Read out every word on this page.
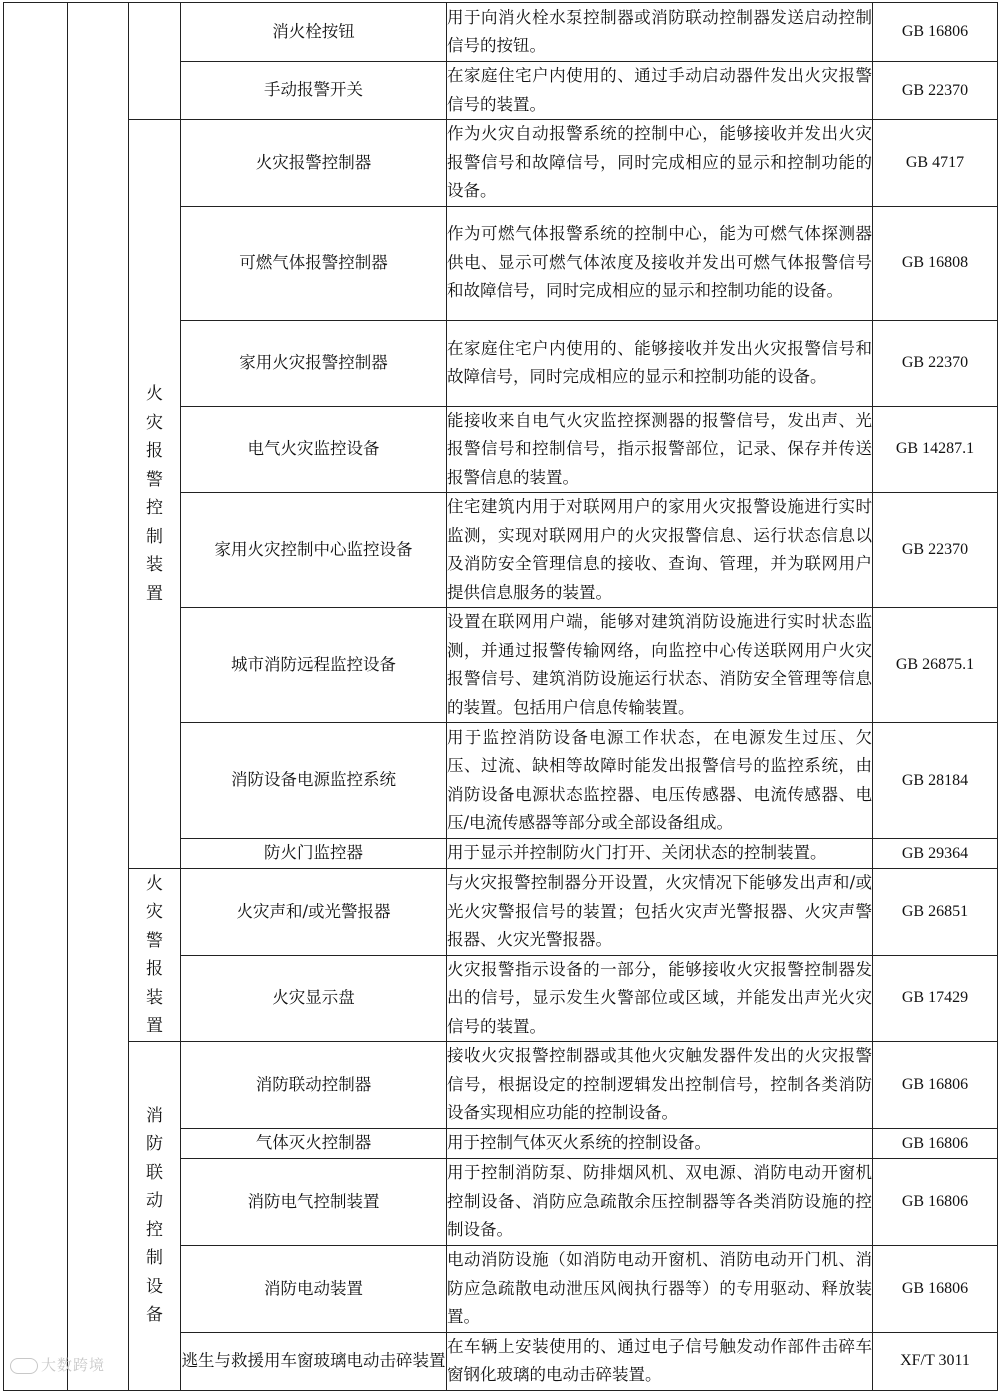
			消火栓按钮	用于向消火栓水泵控制器或消防联动控制器发送启动控制信号的按钮。	GB 16806
			手动报警开关	在家庭住宅户内使用的、通过手动启动器件发出火灾报警信号的装置。	GB 22370

		火灾报警控制装置	火灾报警控制器	作为火灾自动报警系统的控制中心，能够接收并发出火灾报警信号和故障信号，同时完成相应的显示和控制功能的设备。	GB 4717
			可燃气体报警控制器	作为可燃气体报警系统的控制中心，能为可燃气体探测器供电、显示可燃气体浓度及接收并发出可燃气体报警信号和故障信号，同时完成相应的显示和控制功能的设备。	GB 16808
			家用火灾报警控制器	在家庭住宅户内使用的、能够接收并发出火灾报警信号和故障信号，同时完成相应的显示和控制功能的设备。	GB 22370
			电气火灾监控设备	能接收来自电气火灾监控探测器的报警信号，发出声、光报警信号和控制信号，指示报警部位，记录、保存并传送报警信息的装置。	GB 14287.1
			家用火灾控制中心监控设备	住宅建筑内用于对联网用户的家用火灾报警设施进行实时监测，实现对联网用户的火灾报警信息、运行状态信息以及消防安全管理信息的接收、查询、管理，并为联网用户提供信息服务的装置。	GB 22370
			城市消防远程监控设备	设置在联网用户端，能够对建筑消防设施进行实时状态监测，并通过报警传输网络，向监控中心传送联网用户火灾报警信号、建筑消防设施运行状态、消防安全管理等信息的装置。包括用户信息传输装置。	GB 26875.1
			消防设备电源监控系统	用于监控消防设备电源工作状态，在电源发生过压、欠压、过流、缺相等故障时能发出报警信号的监控系统，由消防设备电源状态监控器、电压传感器、电流传感器、电压/电流传感器等部分或全部设备组成。	GB 28184
			防火门监控器	用于显示并控制防火门打开、关闭状态的控制装置。	GB 29364

		火灾警报装置	火灾声和/或光警报器	与火灾报警控制器分开设置，火灾情况下能够发出声和/或光火灾警报信号的装置；包括火灾声光警报器、火灾声警报器、火灾光警报器。	GB 26851
			火灾显示盘	火灾报警指示设备的一部分，能够接收火灾报警控制器发出的信号，显示发生火警部位或区域，并能发出声光火灾信号的装置。	GB 17429

		消防联动控制设备	消防联动控制器	接收火灾报警控制器或其他火灾触发器件发出的火灾报警信号，根据设定的控制逻辑发出控制信号，控制各类消防设备实现相应功能的控制设备。	GB 16806
			气体灭火控制器	用于控制气体灭火系统的控制设备。	GB 16806
			消防电气控制装置	用于控制消防泵、防排烟风机、双电源、消防电动开窗机控制设备、消防应急疏散余压控制器等各类消防设施的控制设备。	GB 16806
			消防电动装置	电动消防设施（如消防电动开窗机、消防电动开门机、消防应急疏散电动泄压风阀执行器等）的专用驱动、释放装置。	GB 16806
			逃生与救援用车窗玻璃电动击碎装置	在车辆上安装使用的、通过电子信号触发动作部件击碎车窗钢化玻璃的电动击碎装置。	XF/T 3011
大数跨境
